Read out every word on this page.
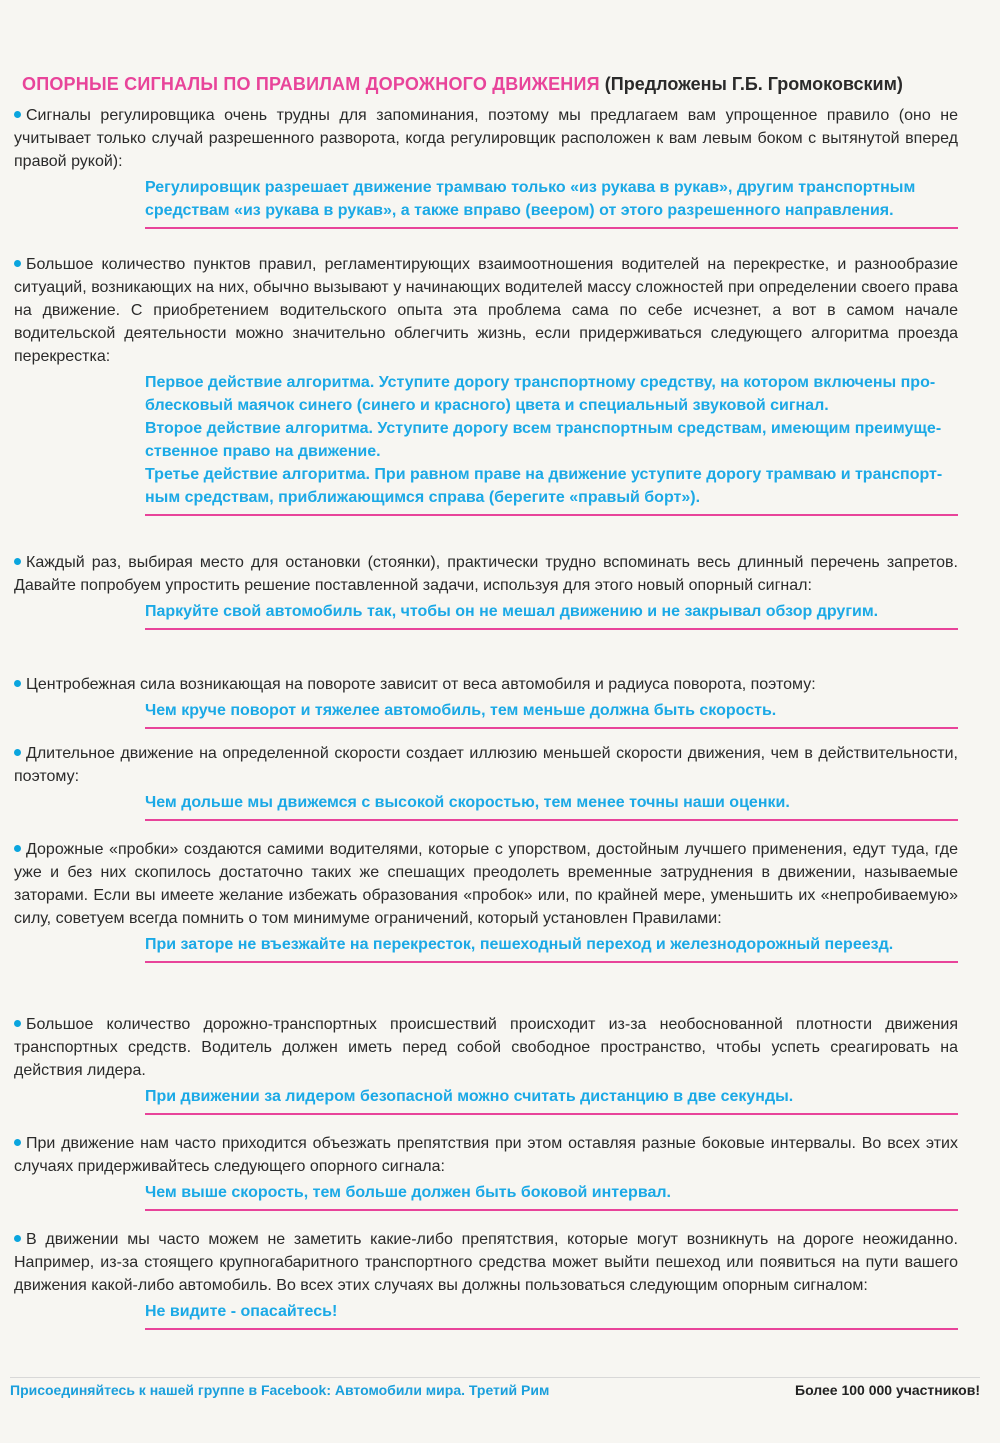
ОПОРНЫЕ СИГНАЛЫ ПО ПРАВИЛАМ ДОРОЖНОГО ДВИЖЕНИЯ (Предложены Г.Б. Громоковским)

Сигналы регулировщика очень трудны для запоминания, поэтому мы предлагаем вам упрощенное правило (оно не учитывает только случай разрешенного разворота, когда регулировщик расположен к вам левым боком с вытянутой вперед правой рукой):

Регулировщик разрешает движение трамваю только «из рукава в рукав», другим транспортным
средствам «из рукава в рукав», а также вправо (веером) от этого разрешенного направления.

Большое количество пунктов правил, регламентирующих взаимоотношения водителей на перекрестке, и разнообразие ситуаций, возникающих на них, обычно вызывают у начинающих водителей массу сложностей при определении своего права на движение. С приобретением водительского опыта эта проблема сама по себе исчезнет, а вот в самом начале водительской деятельности можно значительно облегчить жизнь, если придерживаться следующего алгоритма проезда перекрестка:

Первое действие алгоритма. Уступите дорогу транспортному средству, на котором включены про-
блесковый маячок синего (синего и красного) цвета и специальный звуковой сигнал.
Второе действие алгоритма. Уступите дорогу всем транспортным средствам, имеющим преимуще-
ственное право на движение.
Третье действие алгоритма. При равном праве на движение уступите дорогу трамваю и транспорт-
ным средствам, приближающимся справа (берегите «правый борт»).

Каждый раз, выбирая место для остановки (стоянки), практически трудно вспоминать весь длинный перечень запретов. Давайте попробуем упростить решение поставленной задачи, используя для этого новый опорный сигнал:

Паркуйте свой автомобиль так, чтобы он не мешал движению и не закрывал обзор другим.

Центробежная сила возникающая на повороте зависит от веса автомобиля и радиуса поворота, поэтому:

Чем круче поворот и тяжелее автомобиль, тем меньше должна быть скорость.

Длительное движение на определенной скорости создает иллюзию меньшей скорости движения, чем в действительности, поэтому:

Чем дольше мы движемся с высокой скоростью, тем менее точны наши оценки.

Дорожные «пробки» создаются самими водителями, которые с упорством, достойным лучшего применения, едут туда, где уже и без них скопилось достаточно таких же спешащих преодолеть временные затруднения в движении, называемые заторами. Если вы имеете желание избежать образования «пробок» или, по крайней мере, уменьшить их «непробиваемую» силу, советуем всегда помнить о том минимуме ограничений, который установлен Правилами:

При заторе не въезжайте на перекресток, пешеходный переход и железнодорожный переезд.

Большое количество дорожно-транспортных происшествий происходит из-за необоснованной плотности движения транспортных средств. Водитель должен иметь перед собой свободное пространство, чтобы успеть среагировать на действия лидера.

При движении за лидером безопасной можно считать дистанцию в две секунды.

При движение нам часто приходится объезжать препятствия при этом оставляя разные боковые интервалы. Во всех этих случаях придерживайтесь следующего опорного сигнала:

Чем выше скорость, тем больше должен быть боковой интервал.

В движении мы часто можем не заметить какие-либо препятствия, которые могут возникнуть на дороге неожиданно. Например, из-за стоящего крупногабаритного транспортного средства может выйти пешеход или появиться на пути вашего движения какой-либо автомобиль. Во всех этих случаях вы должны пользоваться следующим опорным сигналом:

Не видите - опасайтесь!
Присоединяйтесь к нашей группе в Facebook: Автомобили мира. Третий Рим	Более 100 000 участников!
